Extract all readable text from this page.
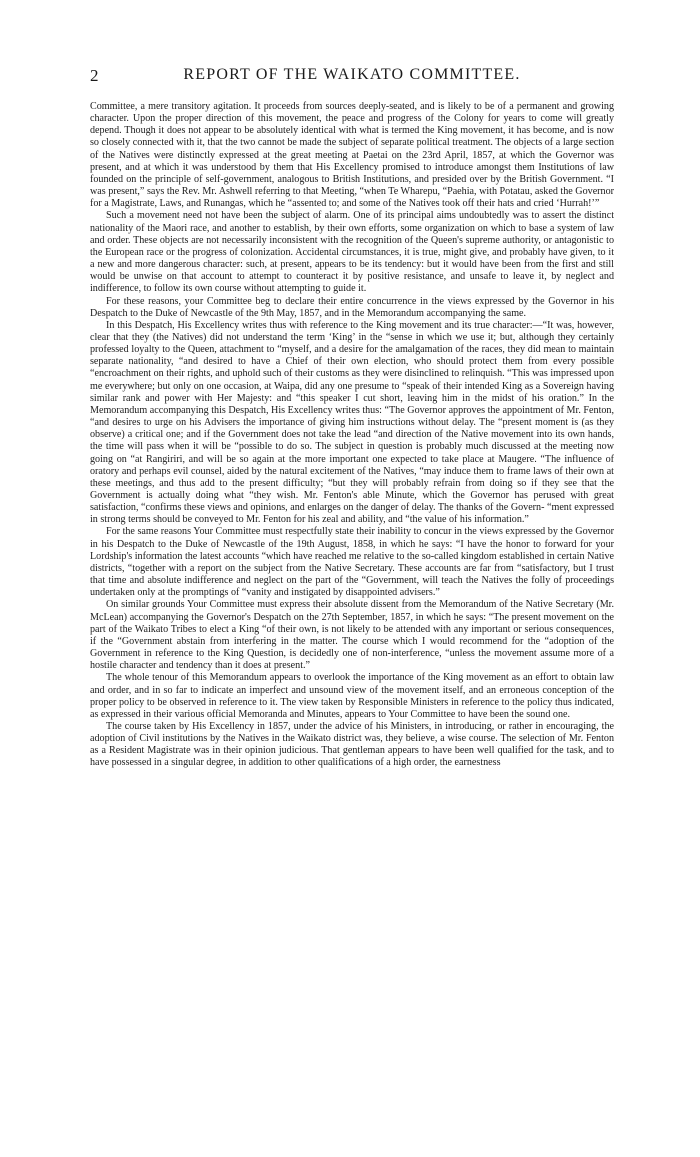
2	REPORT OF THE WAIKATO COMMITTEE.

Committee, a mere transitory agitation. It proceeds from sources deeply-seated, and is likely to be of a permanent and growing character. Upon the proper direction of this movement, the peace and progress of the Colony for years to come will greatly depend. Though it does not appear to be absolutely identical with what is termed the King movement, it has become, and is now so closely connected with it, that the two cannot be made the subject of separate political treatment. The objects of a large section of the Natives were distinctly expressed at the great meeting at Paetai on the 23rd April, 1857, at which the Governor was present, and at which it was understood by them that His Excellency promised to introduce amongst them Institutions of law founded on the principle of self-government, analogous to British Institutions, and presided over by the British Government. “I was present,” says the Rev. Mr. Ashwell referring to that Meeting, “when Te Wharepu, “Paehia, with Potatau, asked the Governor for a Magistrate, Laws, and Runangas, which he “assented to; and some of the Natives took off their hats and cried ‘Hurrah!’”

Such a movement need not have been the subject of alarm. One of its principal aims undoubtedly was to assert the distinct nationality of the Maori race, and another to establish, by their own efforts, some organization on which to base a system of law and order. These objects are not necessarily inconsistent with the recognition of the Queen's supreme authority, or antagonistic to the European race or the progress of colonization. Accidental circumstances, it is true, might give, and probably have given, to it a new and more dangerous character: such, at present, appears to be its tendency: but it would have been from the first and still would be unwise on that account to attempt to counteract it by positive resistance, and unsafe to leave it, by neglect and indifference, to follow its own course without attempting to guide it.

For these reasons, your Committee beg to declare their entire concurrence in the views expressed by the Governor in his Despatch to the Duke of Newcastle of the 9th May, 1857, and in the Memorandum accompanying the same.

In this Despatch, His Excellency writes thus with reference to the King movement and its true character:—“It was, however, clear that they (the Natives) did not understand the term ‘King’ in the “sense in which we use it; but, although they certainly professed loyalty to the Queen, attachment to “myself, and a desire for the amalgamation of the races, they did mean to maintain separate nationality, “and desired to have a Chief of their own election, who should protect them from every possible “encroachment on their rights, and uphold such of their customs as they were disinclined to relinquish. “This was impressed upon me everywhere; but only on one occasion, at Waipa, did any one presume to “speak of their intended King as a Sovereign having similar rank and power with Her Majesty: and “this speaker I cut short, leaving him in the midst of his oration.” In the Memorandum accompanying this Despatch, His Excellency writes thus: “The Governor approves the appointment of Mr. Fenton, “and desires to urge on his Advisers the importance of giving him instructions without delay. The “present moment is (as they observe) a critical one; and if the Government does not take the lead “and direction of the Native movement into its own hands, the time will pass when it will be “possible to do so. The subject in question is probably much discussed at the meeting now going on “at Rangiriri, and will be so again at the more important one expected to take place at Maugere. “The influence of oratory and perhaps evil counsel, aided by the natural excitement of the Natives, “may induce them to frame laws of their own at these meetings, and thus add to the present difficulty; “but they will probably refrain from doing so if they see that the Government is actually doing what “they wish. Mr. Fenton's able Minute, which the Governor has perused with great satisfaction, “confirms these views and opinions, and enlarges on the danger of delay. The thanks of the Govern- “ment expressed in strong terms should be conveyed to Mr. Fenton for his zeal and ability, and “the value of his information.”

For the same reasons Your Committee must respectfully state their inability to concur in the views expressed by the Governor in his Despatch to the Duke of Newcastle of the 19th August, 1858, in which he says: “I have the honor to forward for your Lordship's information the latest accounts “which have reached me relative to the so-called kingdom established in certain Native districts, “together with a report on the subject from the Native Secretary. These accounts are far from “satisfactory, but I trust that time and absolute indifference and neglect on the part of the “Government, will teach the Natives the folly of proceedings undertaken only at the promptings of “vanity and instigated by disappointed advisers.”

On similar grounds Your Committee must express their absolute dissent from the Memorandum of the Native Secretary (Mr. McLean) accompanying the Governor's Despatch on the 27th September, 1857, in which he says: “The present movement on the part of the Waikato Tribes to elect a King “of their own, is not likely to be attended with any important or serious consequences, if the “Government abstain from interfering in the matter. The course which I would recommend for the “adoption of the Government in reference to the King Question, is decidedly one of non-interference, “unless the movement assume more of a hostile character and tendency than it does at present.”

The whole tenour of this Memorandum appears to overlook the importance of the King movement as an effort to obtain law and order, and in so far to indicate an imperfect and unsound view of the movement itself, and an erroneous conception of the proper policy to be observed in reference to it. The view taken by Responsible Ministers in reference to the policy thus indicated, as expressed in their various official Memoranda and Minutes, appears to Your Committee to have been the sound one.

The course taken by His Excellency in 1857, under the advice of his Ministers, in introducing, or rather in encouraging, the adoption of Civil institutions by the Natives in the Waikato district was, they believe, a wise course. The selection of Mr. Fenton as a Resident Magistrate was in their opinion judicious. That gentleman appears to have been well qualified for the task, and to have possessed in a singular degree, in addition to other qualifications of a high order, the earnestness
